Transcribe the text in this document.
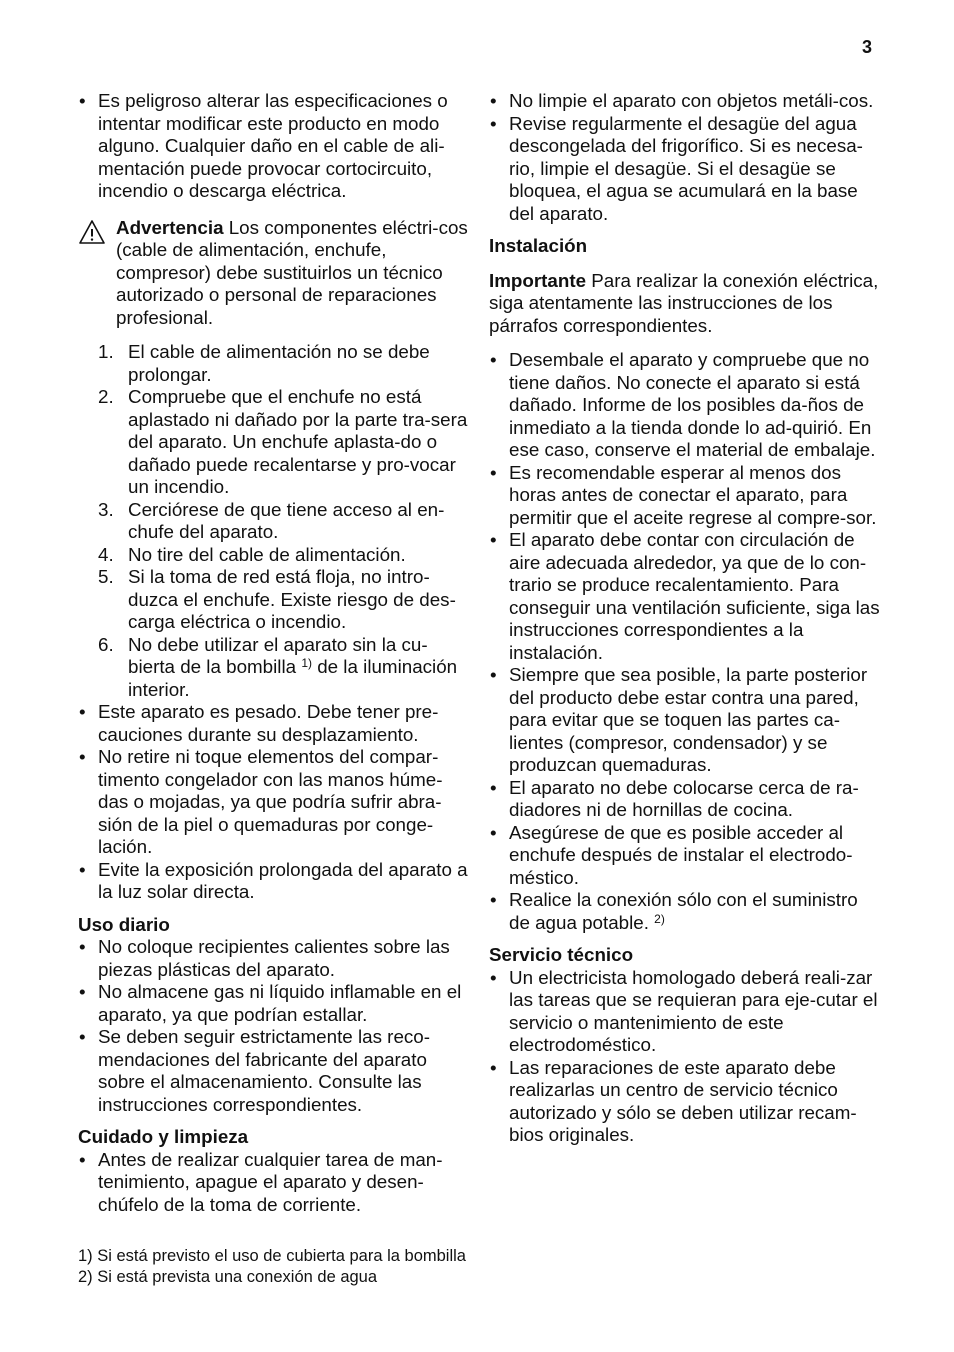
3
• Es peligroso alterar las especificaciones o intentar modificar este producto en modo alguno. Cualquier daño en el cable de ali-mentación puede provocar cortocircuito, incendio o descarga eléctrica.

Advertencia Los componentes eléctri-cos (cable de alimentación, enchufe, compresor) debe sustituirlos un técnico autorizado o personal de reparaciones profesional.

1. El cable de alimentación no se debe prolongar.
2. Compruebe que el enchufe no está aplastado ni dañado por la parte tra-sera del aparato. Un enchufe aplasta-do o dañado puede recalentarse y pro-vocar un incendio.
3. Cerciórese de que tiene acceso al en-chufe del aparato.
4. No tire del cable de alimentación.
5. Si la toma de red está floja, no intro-duzca el enchufe. Existe riesgo de des-carga eléctrica o incendio.
6. No debe utilizar el aparato sin la cu-bierta de la bombilla $^{1)}$ de la iluminación interior.
• Este aparato es pesado. Debe tener pre-cauciones durante su desplazamiento.
• No retire ni toque elementos del compar-timento congelador con las manos húme-das o mojadas, ya que podría sufrir abra-sión de la piel o quemaduras por conge-lación.
• Evite la exposición prolongada del aparato a la luz solar directa.
Uso diario
• No coloque recipientes calientes sobre las piezas plásticas del aparato.
• No almacene gas ni líquido inflamable en el aparato, ya que podrían estallar.
• Se deben seguir estrictamente las reco-mendaciones del fabricante del aparato sobre el almacenamiento. Consulte las instrucciones correspondientes.
Cuidado y limpieza
• Antes de realizar cualquier tarea de man-tenimiento, apague el aparato y desen-chúfelo de la toma de corriente.
• No limpie el aparato con objetos metáli-cos.
• Revise regularmente el desagüe del agua descongelada del frigorífico. Si es necesa-rio, limpie el desagüe. Si el desagüe se bloquea, el agua se acumulará en la base del aparato.
Instalación

Importante Para realizar la conexión eléctrica, siga atentamente las instrucciones de los párrafos correspondientes.

• Desembale el aparato y compruebe que no tiene daños. No conecte el aparato si está dañado. Informe de los posibles da-ños de inmediato a la tienda donde lo ad-quirió. En ese caso, conserve el material de embalaje.
• Es recomendable esperar al menos dos horas antes de conectar el aparato, para permitir que el aceite regrese al compre-sor.
• El aparato debe contar con circulación de aire adecuada alrededor, ya que de lo con-trario se produce recalentamiento. Para conseguir una ventilación suficiente, siga las instrucciones correspondientes a la instalación.
• Siempre que sea posible, la parte posterior del producto debe estar contra una pared, para evitar que se toquen las partes ca-lientes (compresor, condensador) y se produzcan quemaduras.
• El aparato no debe colocarse cerca de ra-diadores ni de hornillas de cocina.
• Asegúrese de que es posible acceder al enchufe después de instalar el electrodo-méstico.
• Realice la conexión sólo con el suministro de agua potable. $^{2)}$
Servicio técnico
• Un electricista homologado deberá reali-zar las tareas que se requieran para eje-cutar el servicio o mantenimiento de este electrodoméstico.
• Las reparaciones de este aparato debe realizarlas un centro de servicio técnico autorizado y sólo se deben utilizar recam-bios originales.
1) Si está previsto el uso de cubierta para la bombilla
2) Si está prevista una conexión de agua
